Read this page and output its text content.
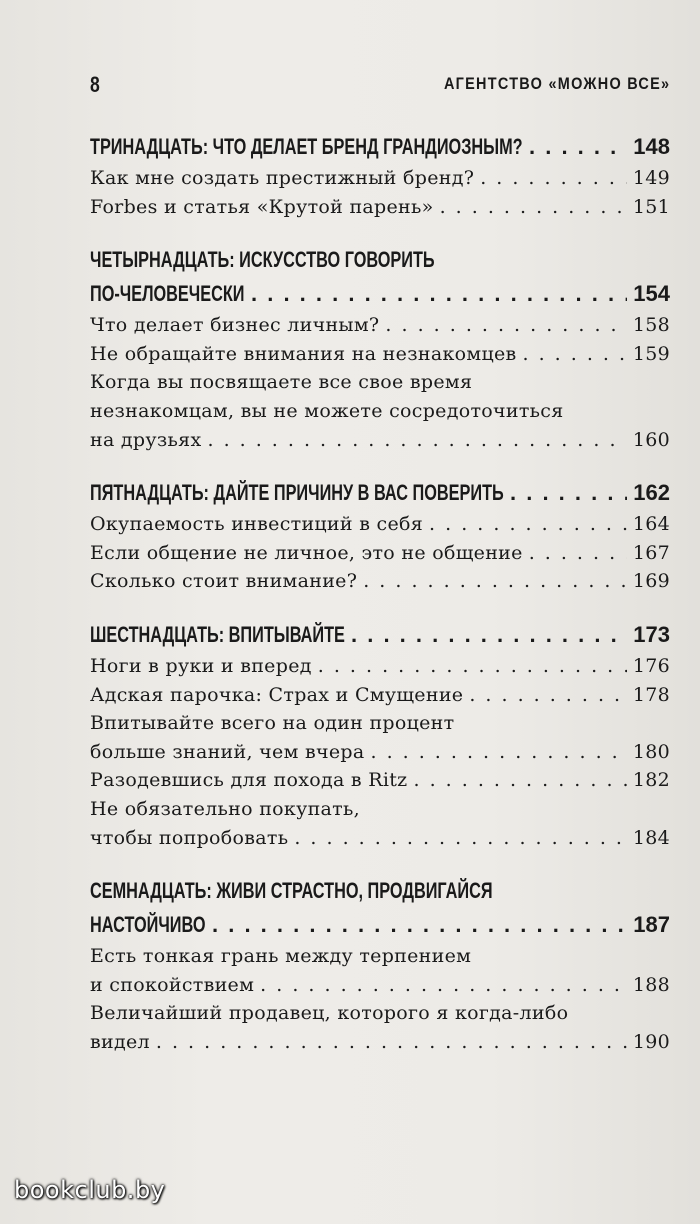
8	АГЕНТСТВО «МОЖНО ВСЕ»
ТРИНАДЦАТЬ: ЧТО ДЕЛАЕТ БРЕНД ГРАНДИОЗНЫМ? . . .	148
Как мне создать престижный бренд? . . .	149
Forbes и статья «Крутой парень» . . .	151
ЧЕТЫРНАДЦАТЬ: ИСКУССТВО ГОВОРИТЬ
ПО-ЧЕЛОВЕЧЕСКИ . . .	154
Что делает бизнес личным? . . .	158
Не обращайте внимания на незнакомцев . . .	159
Когда вы посвящаете все свое время
незнакомцам, вы не можете сосредоточиться
на друзьях . . .	160
ПЯТНАДЦАТЬ: ДАЙТЕ ПРИЧИНУ В ВАС ПОВЕРИТЬ . . .	162
Окупаемость инвестиций в себя . . .	164
Если общение не личное, это не общение . . .	167
Сколько стоит внимание? . . .	169
ШЕСТНАДЦАТЬ: ВПИТЫВАЙТЕ . . .	173
Ноги в руки и вперед . . .	176
Адская парочка: Страх и Смущение . . .	178
Впитывайте всего на один процент
больше знаний, чем вчера . . .	180
Разодевшись для похода в Ritz . . .	182
Не обязательно покупать,
чтобы попробовать . . .	184
СЕМНАДЦАТЬ: ЖИВИ СТРАСТНО, ПРОДВИГАЙСЯ
НАСТОЙЧИВО . . .	187
Есть тонкая грань между терпением
и спокойствием . . .	188
Величайший продавец, которого я когда-либо
видел . . .	190
bookclub.by
